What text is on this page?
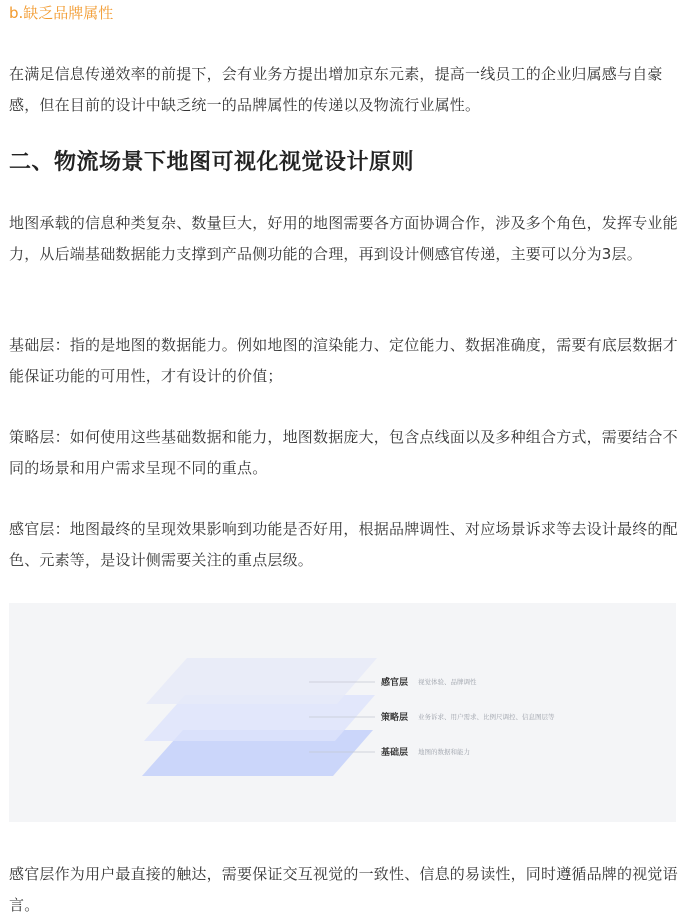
b.缺乏品牌属性

在满足信息传递效率的前提下，会有业务方提出增加京东元素，提高一线员工的企业归属感与自豪感，但在目前的设计中缺乏统一的品牌属性的传递以及物流行业属性。

二、物流场景下地图可视化视觉设计原则

地图承载的信息种类复杂、数量巨大，好用的地图需要各方面协调合作，涉及多个角色，发挥专业能力，从后端基础数据能力支撑到产品侧功能的合理，再到设计侧感官传递，主要可以分为3层。

基础层：指的是地图的数据能力。例如地图的渲染能力、定位能力、数据准确度，需要有底层数据才能保证功能的可用性，才有设计的价值；

策略层：如何使用这些基础数据和能力，地图数据庞大，包含点线面以及多种组合方式，需要结合不同的场景和用户需求呈现不同的重点。

感官层：地图最终的呈现效果影响到功能是否好用，根据品牌调性、对应场景诉求等去设计最终的配色、元素等，是设计侧需要关注的重点层级。

感官层作为用户最直接的触达，需要保证交互视觉的一致性、信息的易读性，同时遵循品牌的视觉语言。

感官层 视觉体验、品牌调性
策略层 业务诉求、用户需求、比例尺调控、信息图层等
基础层 地图的数据和能力
